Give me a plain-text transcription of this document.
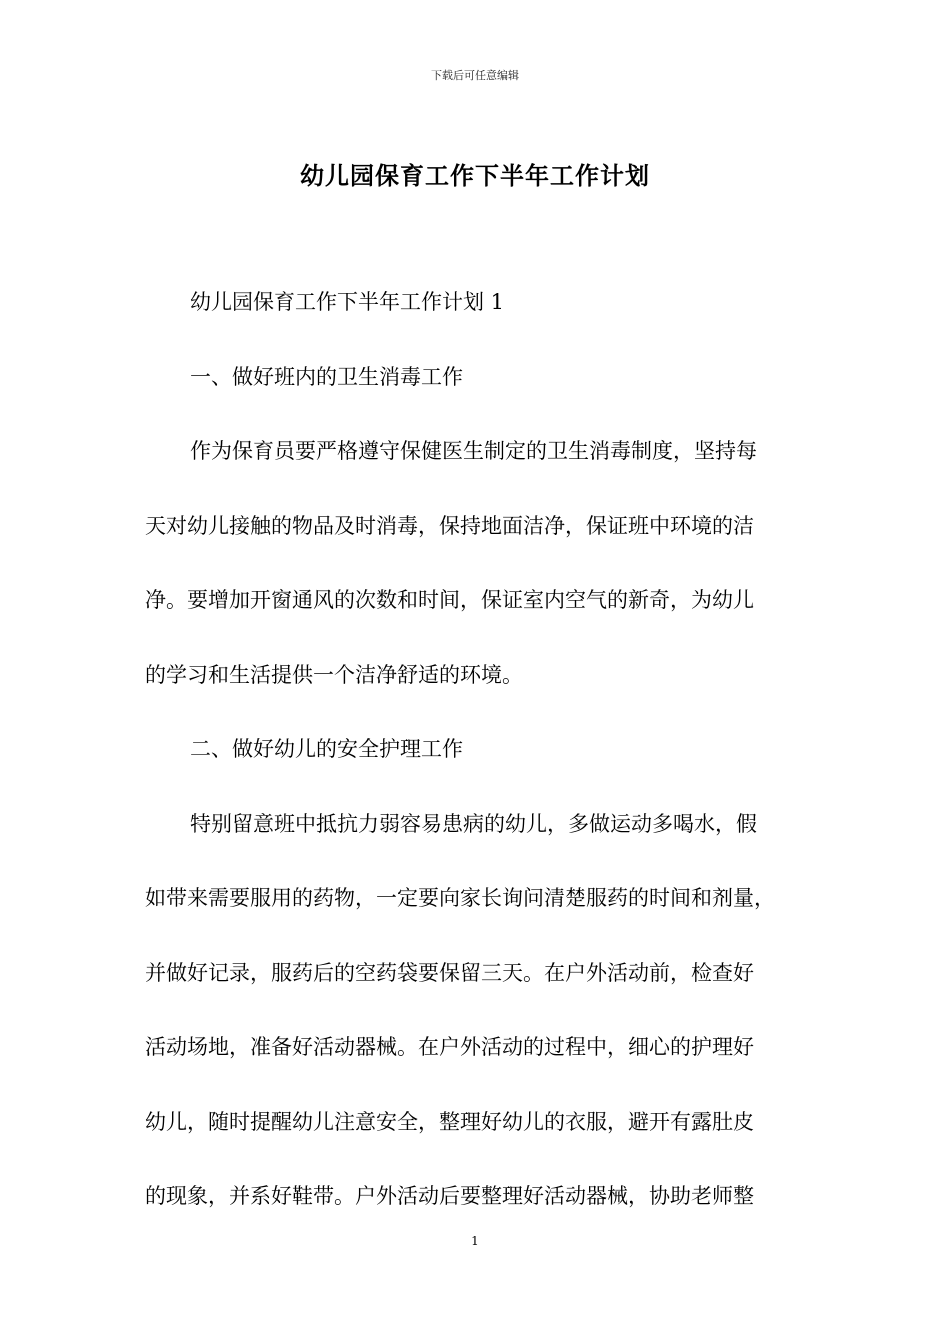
下载后可任意编辑
幼儿园保育工作下半年工作计划
幼儿园保育工作下半年工作计划 1
一、做好班内的卫生消毒工作
作为保育员要严格遵守保健医生制定的卫生消毒制度，坚持每
天对幼儿接触的物品及时消毒，保持地面洁净，保证班中环境的洁
净。要增加开窗通风的次数和时间，保证室内空气的新奇，为幼儿
的学习和生活提供一个洁净舒适的环境。
二、做好幼儿的安全护理工作
特别留意班中抵抗力弱容易患病的幼儿，多做运动多喝水，假
如带来需要服用的药物，一定要向家长询问清楚服药的时间和剂量，
并做好记录，服药后的空药袋要保留三天。在户外活动前，检查好
活动场地，准备好活动器械。在户外活动的过程中，细心的护理好
幼儿，随时提醒幼儿注意安全，整理好幼儿的衣服，避开有露肚皮
的现象，并系好鞋带。户外活动后要整理好活动器械，协助老师整
1
